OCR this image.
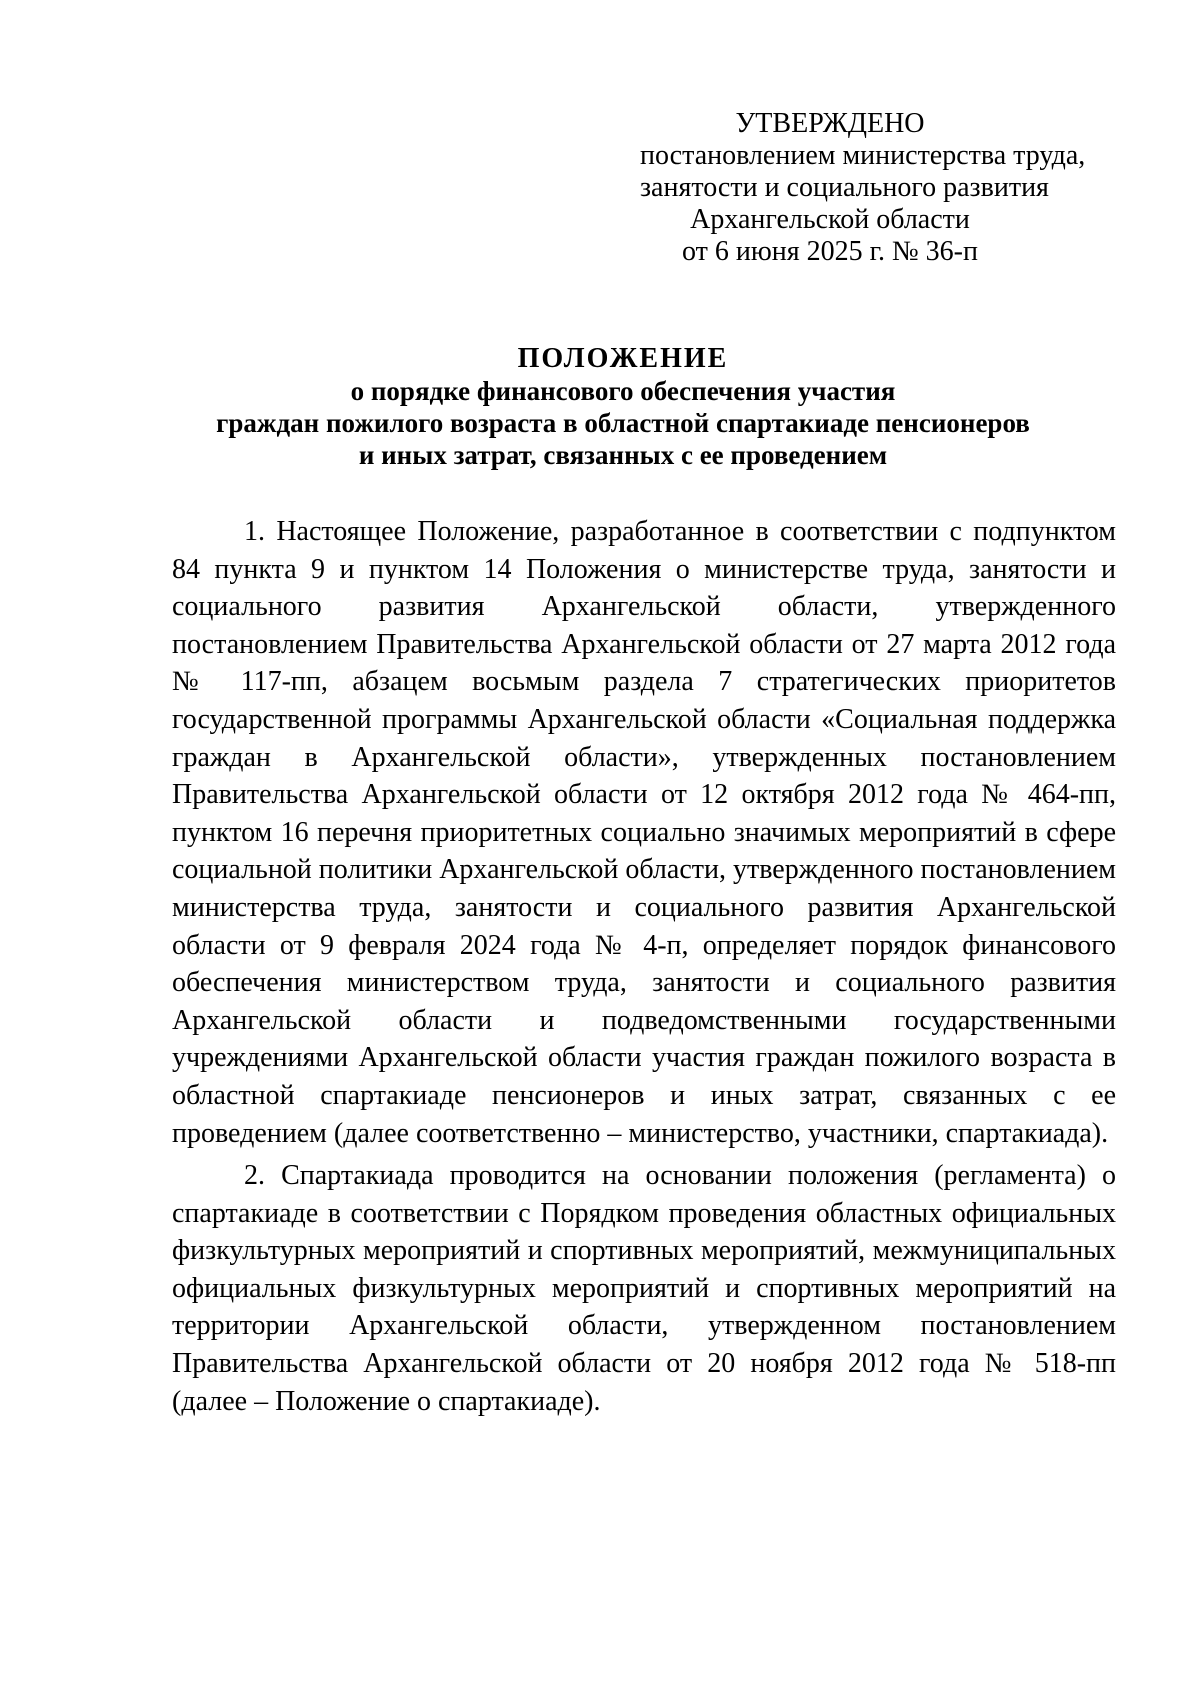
УТВЕРЖДЕНО
постановлением министерства труда,
занятости и социального развития
Архангельской области
от 6 июня 2025 г. № 36-п
ПОЛОЖЕНИЕ
о порядке финансового обеспечения участия
граждан пожилого возраста в областной спартакиаде пенсионеров
и иных затрат, связанных с ее проведением

1. Настоящее Положение, разработанное в соответствии с подпунктом 84 пункта 9 и пунктом 14 Положения о министерстве труда, занятости и социального развития Архангельской области, утвержденного постановлением Правительства Архангельской области от 27 марта 2012 года № 117-пп, абзацем восьмым раздела 7 стратегических приоритетов государственной программы Архангельской области «Социальная поддержка граждан в Архангельской области», утвержденных постановлением Правительства Архангельской области от 12 октября 2012 года № 464-пп, пунктом 16 перечня приоритетных социально значимых мероприятий в сфере социальной политики Архангельской области, утвержденного постановлением министерства труда, занятости и социального развития Архангельской области от 9 февраля 2024 года № 4-п, определяет порядок финансового обеспечения министерством труда, занятости и социального развития Архангельской области и подведомственными государственными учреждениями Архангельской области участия граждан пожилого возраста в областной спартакиаде пенсионеров и иных затрат, связанных с ее проведением (далее соответственно – министерство, участники, спартакиада).

2. Спартакиада проводится на основании положения (регламента) о спартакиаде в соответствии с Порядком проведения областных официальных физкультурных мероприятий и спортивных мероприятий, межмуниципальных официальных физкультурных мероприятий и спортивных мероприятий на территории Архангельской области, утвержденном постановлением Правительства Архангельской области от 20 ноября 2012 года № 518-пп (далее – Положение о спартакиаде).
